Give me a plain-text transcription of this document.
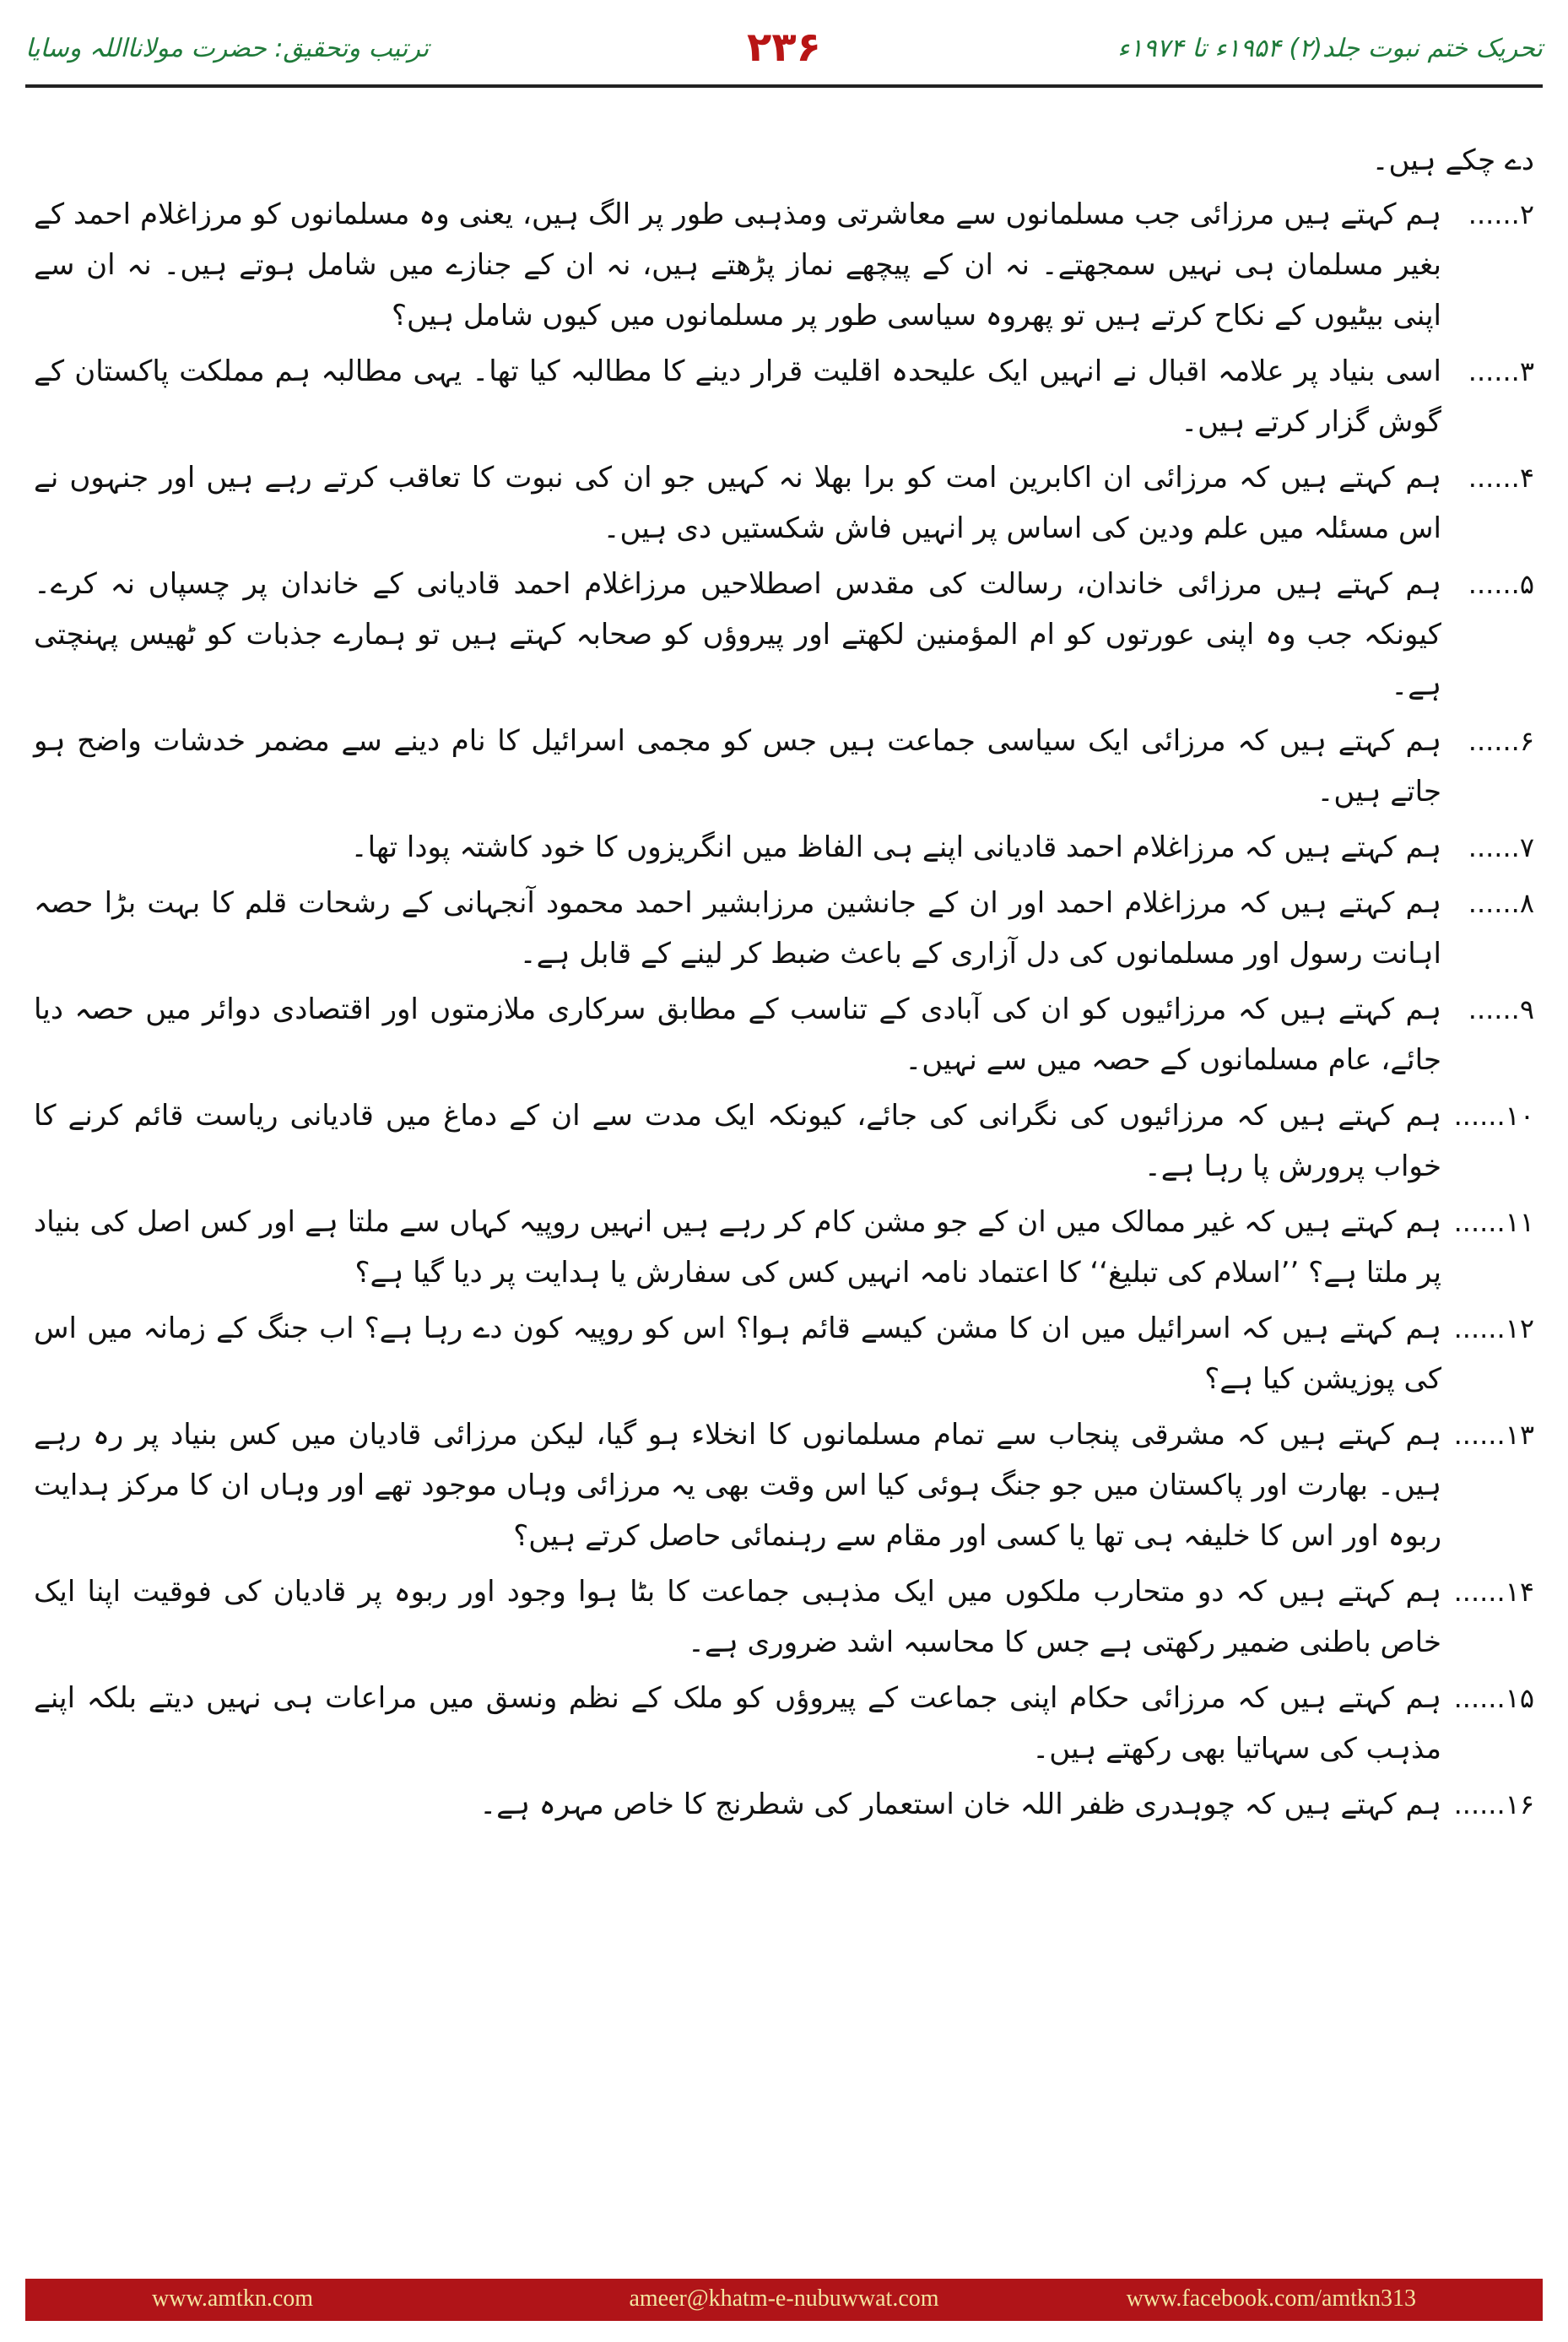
ترتیب وتحقیق: حضرت مولانااللہ وسایا	۲۳۶	تحریک ختم نبوت جلد(۲) ۱۹۵۴ء تا ۱۹۷۴ء
دے چکے ہیں۔
۲......
ہم کہتے ہیں مرزائی جب مسلمانوں سے معاشرتی ومذہبی طور پر الگ ہیں، یعنی وہ مسلمانوں کو مرزاغلام احمد کے بغیر مسلمان ہی نہیں سمجھتے۔ نہ ان کے پیچھے نماز پڑھتے ہیں، نہ ان کے جنازے میں شامل ہوتے ہیں۔ نہ ان سے اپنی بیٹیوں کے نکاح کرتے ہیں تو پھروہ سیاسی طور پر مسلمانوں میں کیوں شامل ہیں؟
۳......
اسی بنیاد پر علامہ اقبال نے انہیں ایک علیحدہ اقلیت قرار دینے کا مطالبہ کیا تھا۔ یہی مطالبہ ہم مملکت پاکستان کے گوش گزار کرتے ہیں۔
۴......
ہم کہتے ہیں کہ مرزائی ان اکابرین امت کو برا بھلا نہ کہیں جو ان کی نبوت کا تعاقب کرتے رہے ہیں اور جنہوں نے اس مسئلہ میں علم ودین کی اساس پر انہیں فاش شکستیں دی ہیں۔
۵......
ہم کہتے ہیں مرزائی خاندان، رسالت کی مقدس اصطلاحیں مرزاغلام احمد قادیانی کے خاندان پر چسپاں نہ کرے۔ کیونکہ جب وہ اپنی عورتوں کو ام المؤمنین لکھتے اور پیروؤں کو صحابہ کہتے ہیں تو ہمارے جذبات کو ٹھیس پہنچتی ہے۔
۶......
ہم کہتے ہیں کہ مرزائی ایک سیاسی جماعت ہیں جس کو مجمی اسرائیل کا نام دینے سے مضمر خدشات واضح ہو جاتے ہیں۔
۷......
ہم کہتے ہیں کہ مرزاغلام احمد قادیانی اپنے ہی الفاظ میں انگریزوں کا خود کاشتہ پودا تھا۔
۸......
ہم کہتے ہیں کہ مرزاغلام احمد اور ان کے جانشین مرزابشیر احمد محمود آنجہانی کے رشحات قلم کا بہت بڑا حصہ اہانت رسول اور مسلمانوں کی دل آزاری کے باعث ضبط کر لینے کے قابل ہے۔
۹......
ہم کہتے ہیں کہ مرزائیوں کو ان کی آبادی کے تناسب کے مطابق سرکاری ملازمتوں اور اقتصادی دوائر میں حصہ دیا جائے، عام مسلمانوں کے حصہ میں سے نہیں۔
۱۰......
ہم کہتے ہیں کہ مرزائیوں کی نگرانی کی جائے، کیونکہ ایک مدت سے ان کے دماغ میں قادیانی ریاست قائم کرنے کا خواب پرورش پا رہا ہے۔
۱۱......
ہم کہتے ہیں کہ غیر ممالک میں ان کے جو مشن کام کر رہے ہیں انہیں روپیہ کہاں سے ملتا ہے اور کس اصل کی بنیاد پر ملتا ہے؟ ’’اسلام کی تبلیغ‘‘ کا اعتماد نامہ انہیں کس کی سفارش یا ہدایت پر دیا گیا ہے؟
۱۲......
ہم کہتے ہیں کہ اسرائیل میں ان کا مشن کیسے قائم ہوا؟ اس کو روپیہ کون دے رہا ہے؟ اب جنگ کے زمانہ میں اس کی پوزیشن کیا ہے؟
۱۳......
ہم کہتے ہیں کہ مشرقی پنجاب سے تمام مسلمانوں کا انخلاء ہو گیا، لیکن مرزائی قادیان میں کس بنیاد پر رہ رہے ہیں۔ بھارت اور پاکستان میں جو جنگ ہوئی کیا اس وقت بھی یہ مرزائی وہاں موجود تھے اور وہاں ان کا مرکز ہدایت ربوہ اور اس کا خلیفہ ہی تھا یا کسی اور مقام سے رہنمائی حاصل کرتے ہیں؟
۱۴......
ہم کہتے ہیں کہ دو متحارب ملکوں میں ایک مذہبی جماعت کا بٹا ہوا وجود اور ربوہ پر قادیان کی فوقیت اپنا ایک خاص باطنی ضمیر رکھتی ہے جس کا محاسبہ اشد ضروری ہے۔
۱۵......
ہم کہتے ہیں کہ مرزائی حکام اپنی جماعت کے پیروؤں کو ملک کے نظم ونسق میں مراعات ہی نہیں دیتے بلکہ اپنے مذہب کی سہاتیا بھی رکھتے ہیں۔
۱۶......
ہم کہتے ہیں کہ چوہدری ظفر اللہ خان استعمار کی شطرنج کا خاص مہرہ ہے۔
www.amtkn.com	ameer@khatm-e-nubuwwat.com	www.facebook.com/amtkn313
